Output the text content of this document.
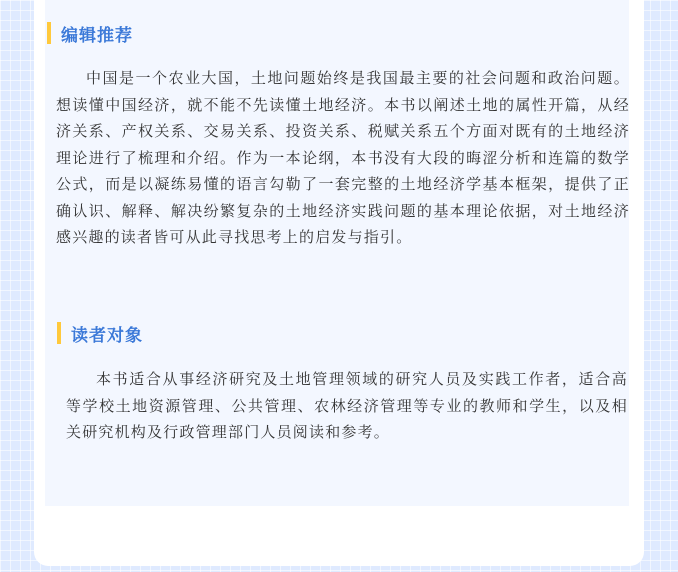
编辑推荐

中国是一个农业大国，土地问题始终是我国最主要的社会问题和政治问题。想读懂中国经济，就不能不先读懂土地经济。本书以阐述土地的属性开篇，从经济关系、产权关系、交易关系、投资关系、税赋关系五个方面对既有的土地经济理论进行了梳理和介绍。作为一本论纲，本书没有大段的晦涩分析和连篇的数学公式，而是以凝练易懂的语言勾勒了一套完整的土地经济学基本框架，提供了正确认识、解释、解决纷繁复杂的土地经济实践问题的基本理论依据，对土地经济感兴趣的读者皆可从此寻找思考上的启发与指引。

读者对象

本书适合从事经济研究及土地管理领域的研究人员及实践工作者，适合高等学校土地资源管理、公共管理、农林经济管理等专业的教师和学生，以及相关研究机构及行政管理部门人员阅读和参考。
